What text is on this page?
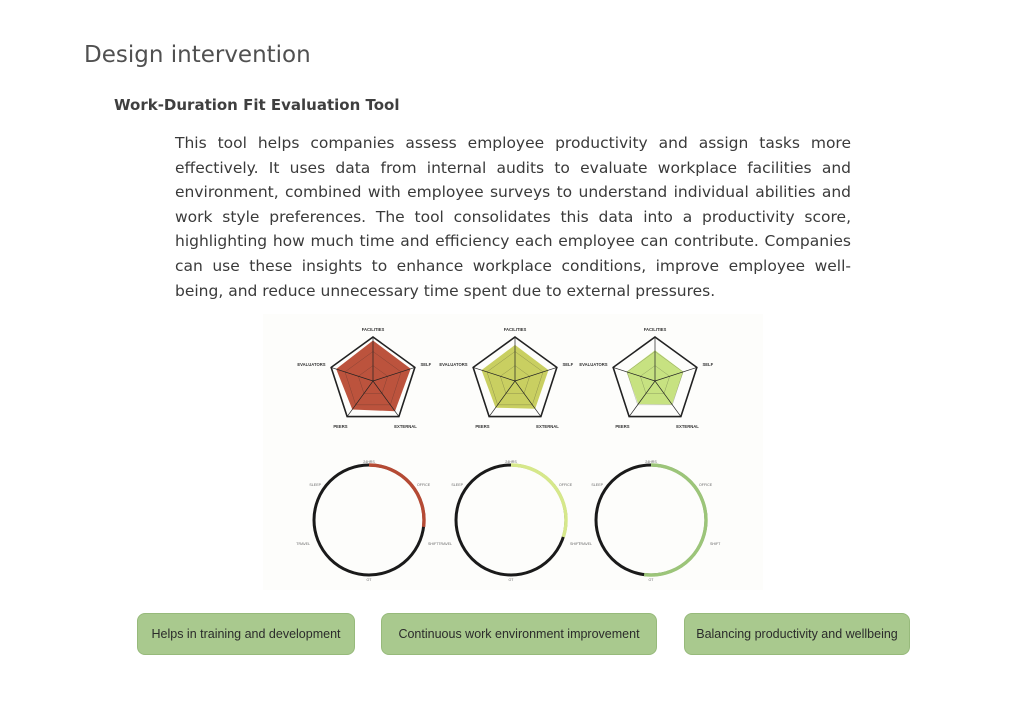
Design intervention
Work-Duration Fit Evaluation Tool

This tool helps companies assess employee productivity and assign tasks more effectively. It uses data from internal audits to evaluate workplace facilities and environment, combined with employee surveys to understand individual abilities and work style preferences. The tool consolidates this data into a productivity score, highlighting how much time and efficiency each employee can contribute. Companies can use these insights to enhance workplace conditions, improve employee well-being, and reduce unnecessary time spent due to external pressures.

FACILITIES
SELF
EXTERNAL
PEERS
EVALUATORS
FACILITIES
SELF
EXTERNAL
PEERS
EVALUATORS
FACILITIES
SELF
EXTERNAL
PEERS
EVALUATORS
24HRS
OFFICE
SHIFT
OT
TRAVEL
SLEEP
24HRS
OFFICE
SHIFT
OT
TRAVEL
SLEEP
24HRS
OFFICE
SHIFT
OT
TRAVEL
SLEEP
Helps in training and development	Continuous work environment improvement	Balancing productivity and wellbeing
